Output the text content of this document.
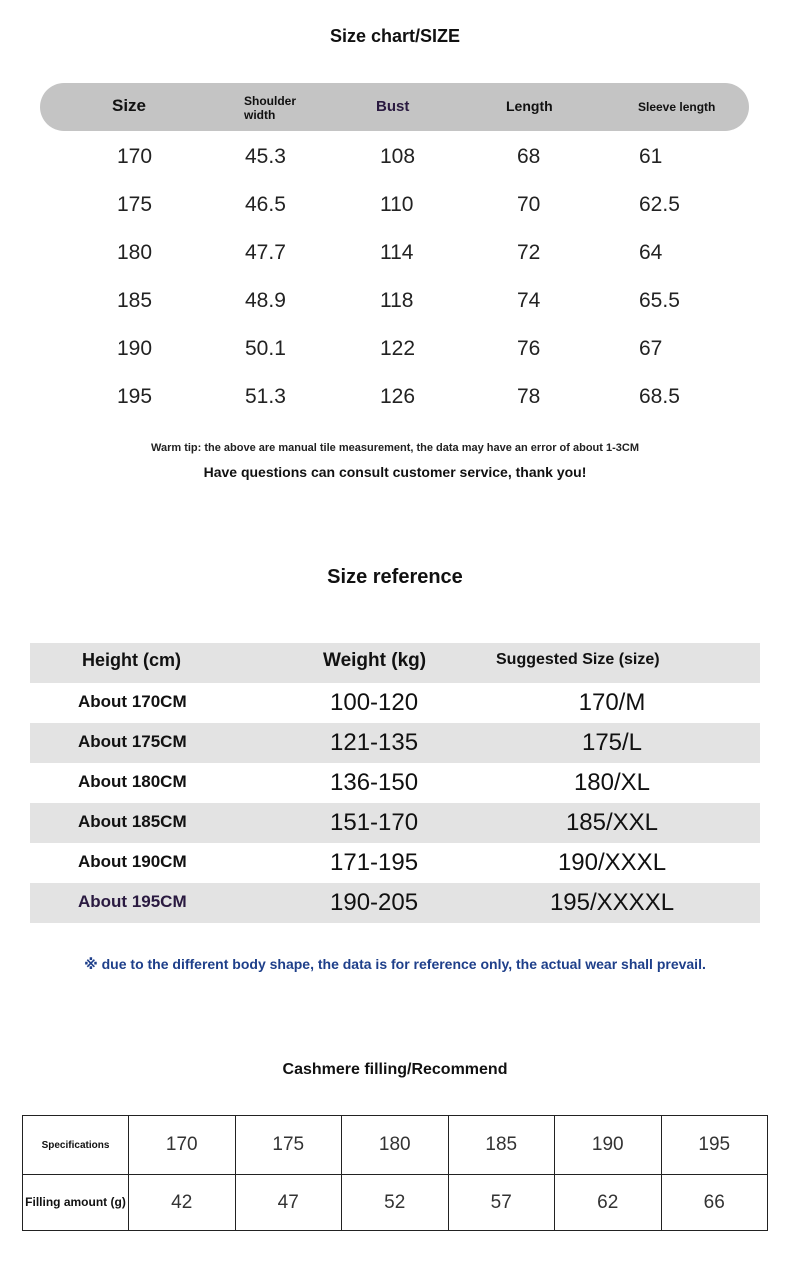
Size chart/SIZE
Size	Shoulder width	Bust	Length	Sleeve length
170	45.3	108	68	61
175	46.5	110	70	62.5
180	47.7	114	72	64
185	48.9	118	74	65.5
190	50.1	122	76	67
195	51.3	126	78	68.5
Warm tip: the above are manual tile measurement, the data may have an error of about 1-3CM
Have questions can consult customer service, thank you!
Size reference
Height (cm)	Weight (kg)	Suggested Size (size)
About 170CM	100-120	170/M
About 175CM	121-135	175/L
About 180CM	136-150	180/XL
About 185CM	151-170	185/XXL
About 190CM	171-195	190/XXXL
About 195CM	190-205	195/XXXXL
※ due to the different body shape, the data is for reference only, the actual wear shall prevail.
Cashmere filling/Recommend
Specifications	170	175	180	185	190	195
Filling amount (g)	42	47	52	57	62	66
